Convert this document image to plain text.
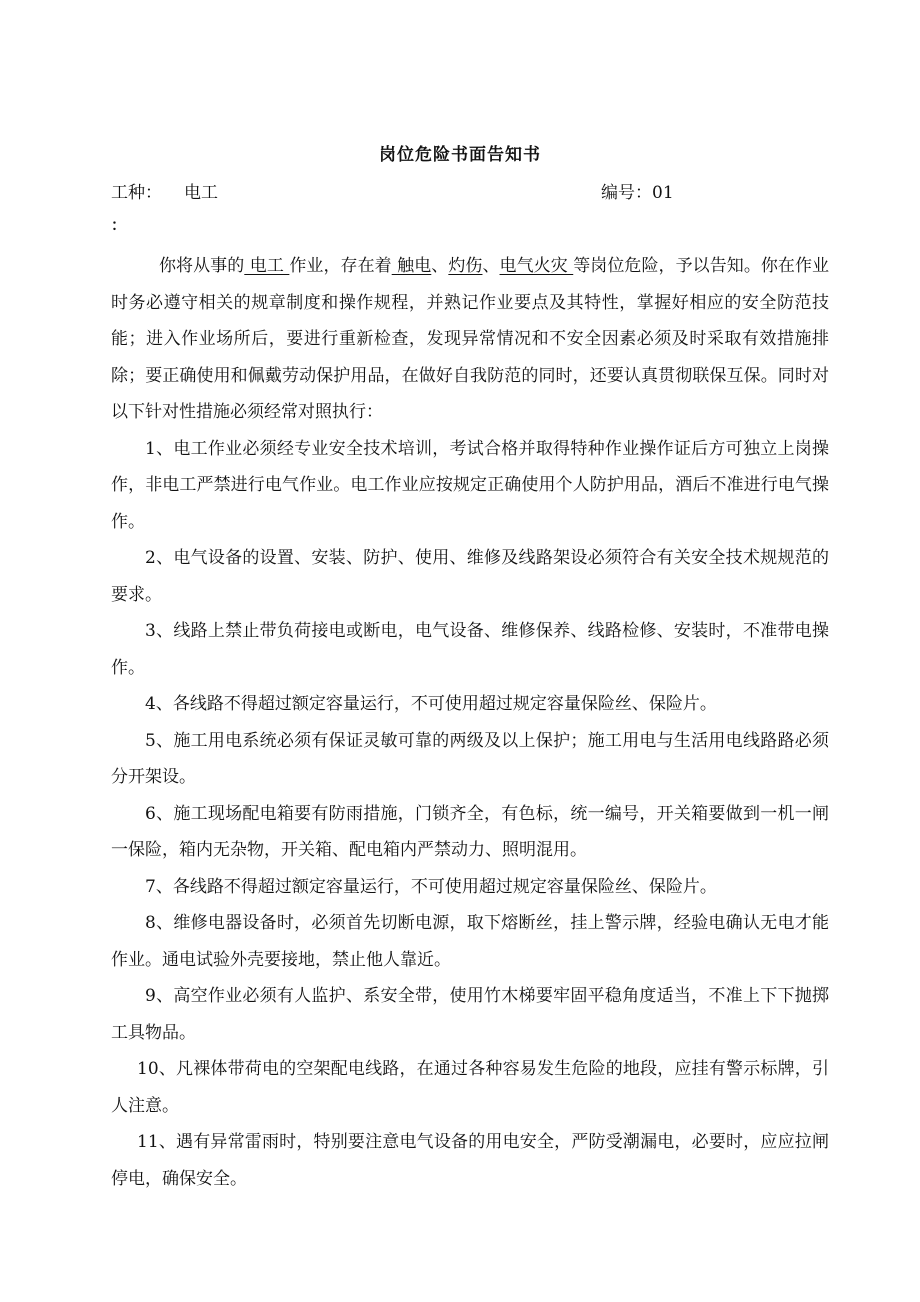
岗位危险书面告知书
工种： 电工	编号：01
：

你将从事的 电工 作业，存在着 触电、灼伤、电气火灾 等岗位危险，予以告知。你在作业时务必遵守相关的规章制度和操作规程，并熟记作业要点及其特性，掌握好相应的安全防范技能；进入作业场所后，要进行重新检查，发现异常情况和不安全因素必须及时采取有效措施排除；要正确使用和佩戴劳动保护用品，在做好自我防范的同时，还要认真贯彻联保互保。同时对以下针对性措施必须经常对照执行：

1、电工作业必须经专业安全技术培训，考试合格并取得特种作业操作证后方可独立上岗操作，非电工严禁进行电气作业。电工作业应按规定正确使用个人防护用品，酒后不准进行电气操作。

2、电气设备的设置、安装、防护、使用、维修及线路架设必须符合有关安全技术规规范的要求。

3、线路上禁止带负荷接电或断电，电气设备、维修保养、线路检修、安装时，不准带电操作。

4、各线路不得超过额定容量运行，不可使用超过规定容量保险丝、保险片。

5、施工用电系统必须有保证灵敏可靠的两级及以上保护；施工用电与生活用电线路路必须分开架设。

6、施工现场配电箱要有防雨措施，门锁齐全，有色标，统一编号，开关箱要做到一机一闸一保险，箱内无杂物，开关箱、配电箱内严禁动力、照明混用。

7、各线路不得超过额定容量运行，不可使用超过规定容量保险丝、保险片。

8、维修电器设备时，必须首先切断电源，取下熔断丝，挂上警示牌，经验电确认无电才能作业。通电试验外壳要接地，禁止他人靠近。

9、高空作业必须有人监护、系安全带，使用竹木梯要牢固平稳角度适当，不准上下下抛掷工具物品。

10、凡裸体带荷电的空架配电线路，在通过各种容易发生危险的地段，应挂有警示标牌，引人注意。

11、遇有异常雷雨时，特别要注意电气设备的用电安全，严防受潮漏电，必要时，应应拉闸停电，确保安全。
